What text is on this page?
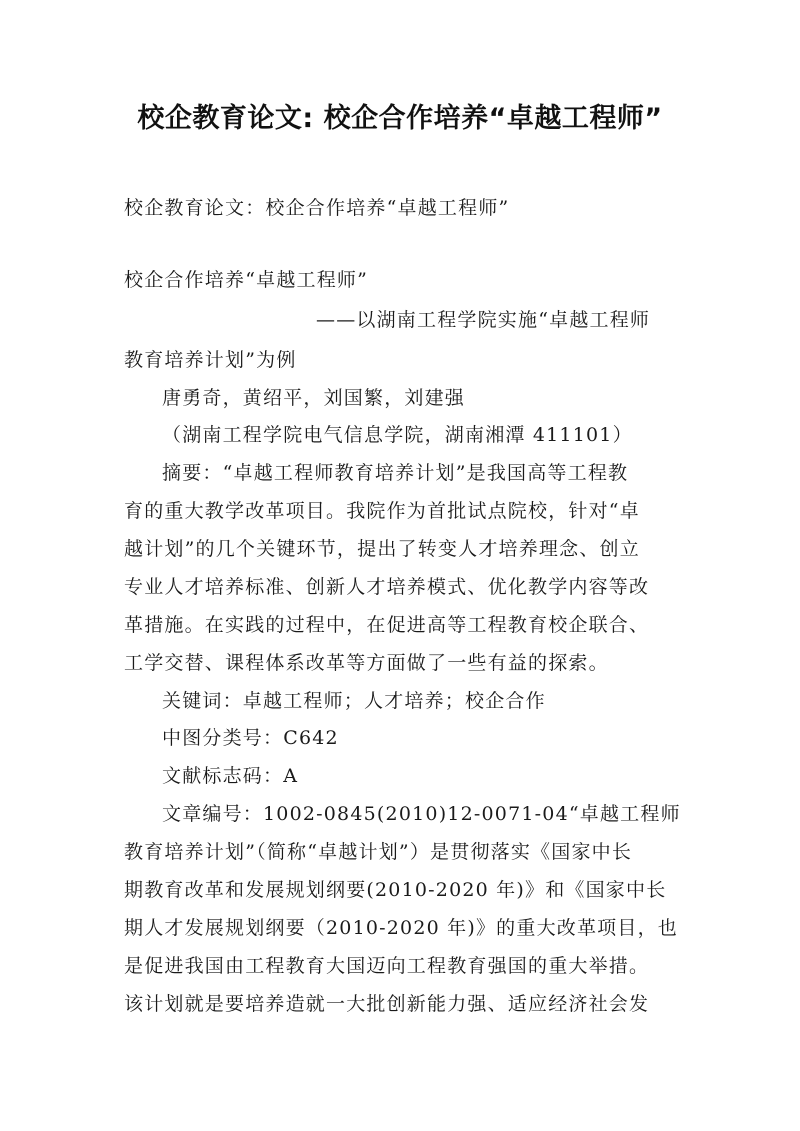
校企教育论文: 校企合作培养“卓越工程师”
校企教育论文：校企合作培养“卓越工程师”
校企合作培养“卓越工程师”
——以湖南工程学院实施“卓越工程师
教育培养计划”为例
唐勇奇，黄绍平，刘国繁，刘建强
（湖南工程学院电气信息学院，湖南湘潭 411101）
摘要：“卓越工程师教育培养计划”是我国高等工程教
育的重大教学改革项目。我院作为首批试点院校，针对“卓
越计划”的几个关键环节，提出了转变人才培养理念、创立
专业人才培养标准、创新人才培养模式、优化教学内容等改
革措施。在实践的过程中，在促进高等工程教育校企联合、
工学交替、课程体系改革等方面做了一些有益的探索。
关键词：卓越工程师；人才培养；校企合作
中图分类号：C642
文献标志码：A
文章编号：1002-0845(2010)12-0071-04“卓越工程师
教育培养计划”（简称“卓越计划”）是贯彻落实《国家中长
期教育改革和发展规划纲要(2010-2020 年)》和《国家中长
期人才发展规划纲要（2010-2020 年)》的重大改革项目，也
是促进我国由工程教育大国迈向工程教育强国的重大举措。
该计划就是要培养造就一大批创新能力强、适应经济社会发
